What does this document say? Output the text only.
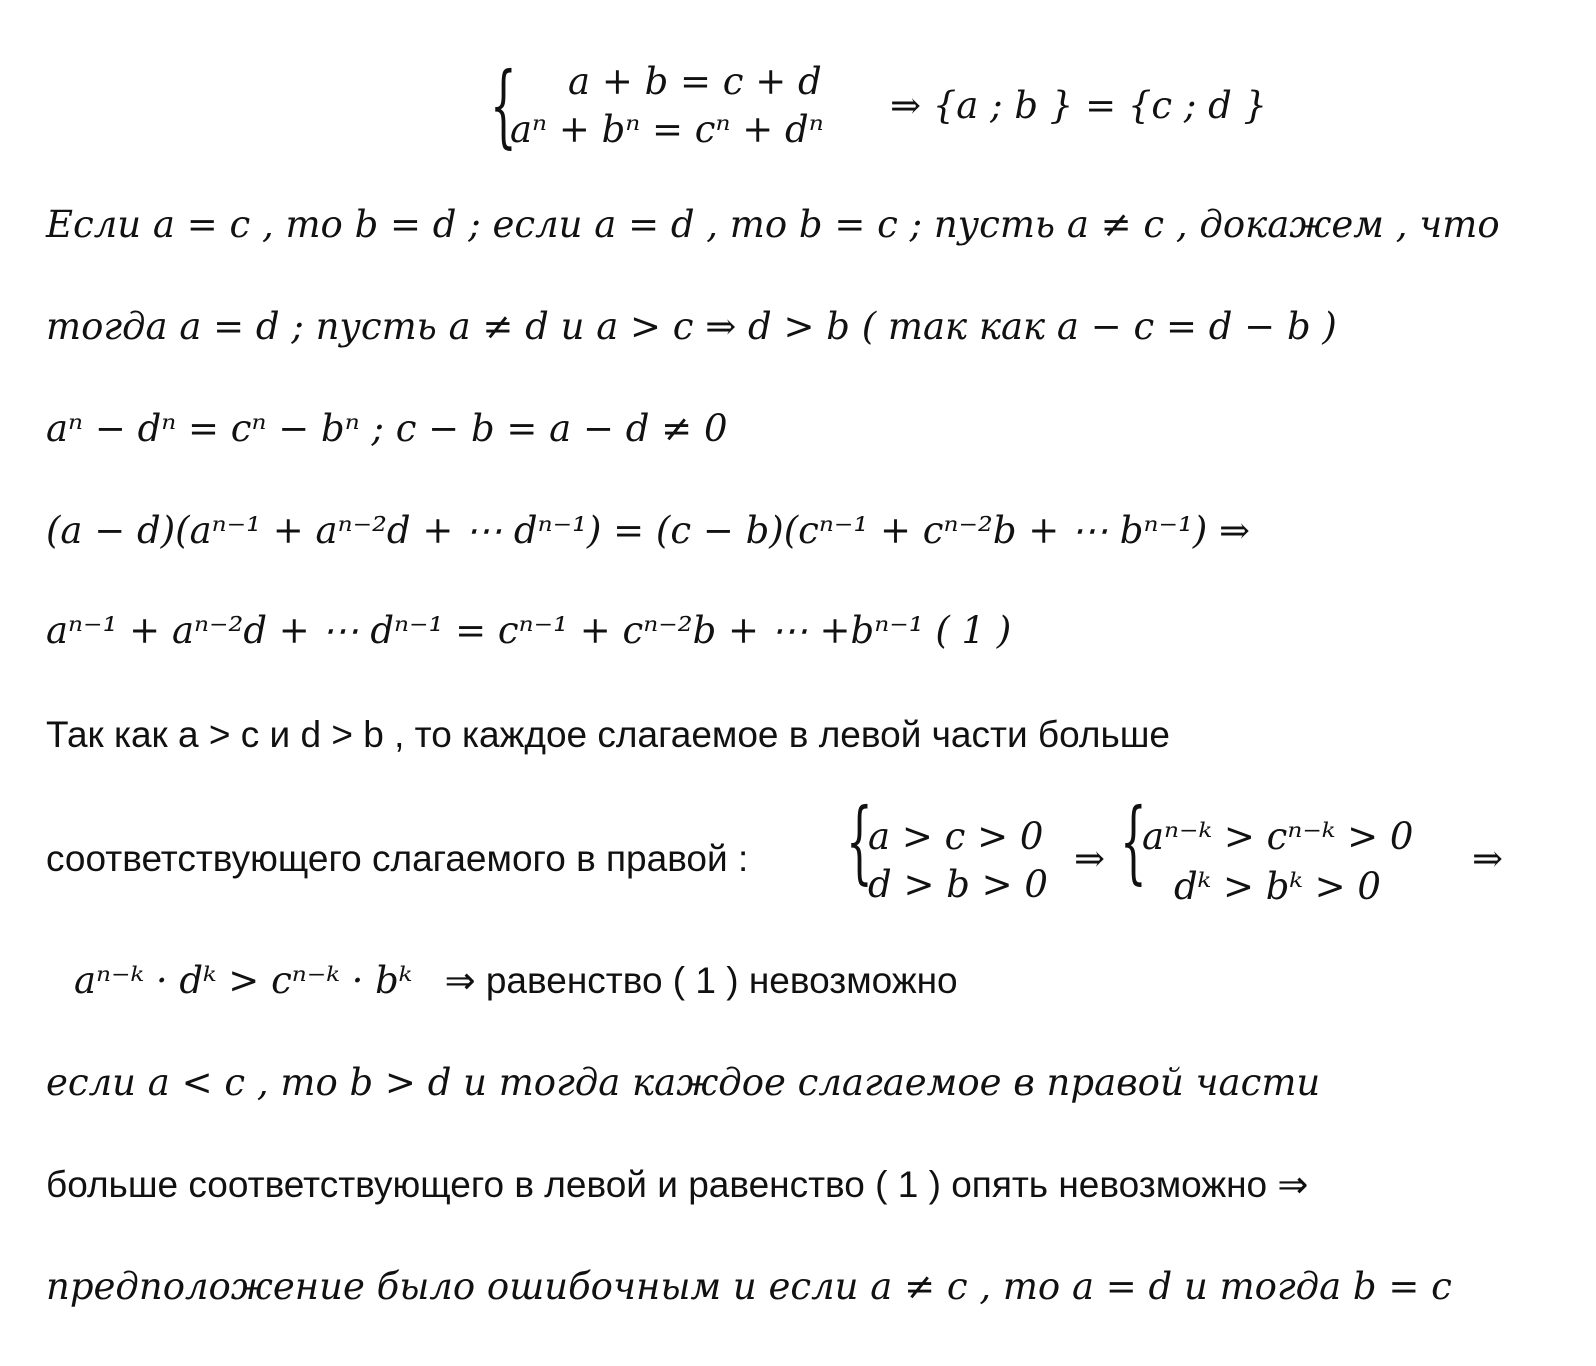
{ a + b = c + d
aⁿ + bⁿ = cⁿ + dⁿ
⇒ {a ; b } = {c ; d }
Если a = c , то b = d ; если a = d , то b = c ; пусть a ≠ c , докажем , что
тогда a = d ; пусть a ≠ d и a > c ⇒ d > b ( так как a − c = d − b )
aⁿ − dⁿ = cⁿ − bⁿ ; c − b = a − d ≠ 0
(a − d)(aⁿ⁻¹ + aⁿ⁻²d + ⋯ dⁿ⁻¹) = (c − b)(cⁿ⁻¹ + cⁿ⁻²b + ⋯ bⁿ⁻¹) ⇒
aⁿ⁻¹ + aⁿ⁻²d + ⋯ dⁿ⁻¹ = cⁿ⁻¹ + cⁿ⁻²b + ⋯ +bⁿ⁻¹ ( 1 )
Так как a > c и d > b , то каждое слагаемое в левой части больше
соответствующего слагаемого в правой : {
a > c > 0
d > b > 0
⇒ {
aⁿ⁻ᵏ > cⁿ⁻ᵏ > 0
dᵏ > bᵏ > 0
⇒
aⁿ⁻ᵏ · dᵏ > cⁿ⁻ᵏ · bᵏ ⇒ равенство ( 1 ) невозможно
если a < c , то b > d и тогда каждое слагаемое в правой части
больше соответствующего в левой и равенство ( 1 ) опять невозможно ⇒
предположение было ошибочным и если a ≠ c , то a = d и тогда b = c
